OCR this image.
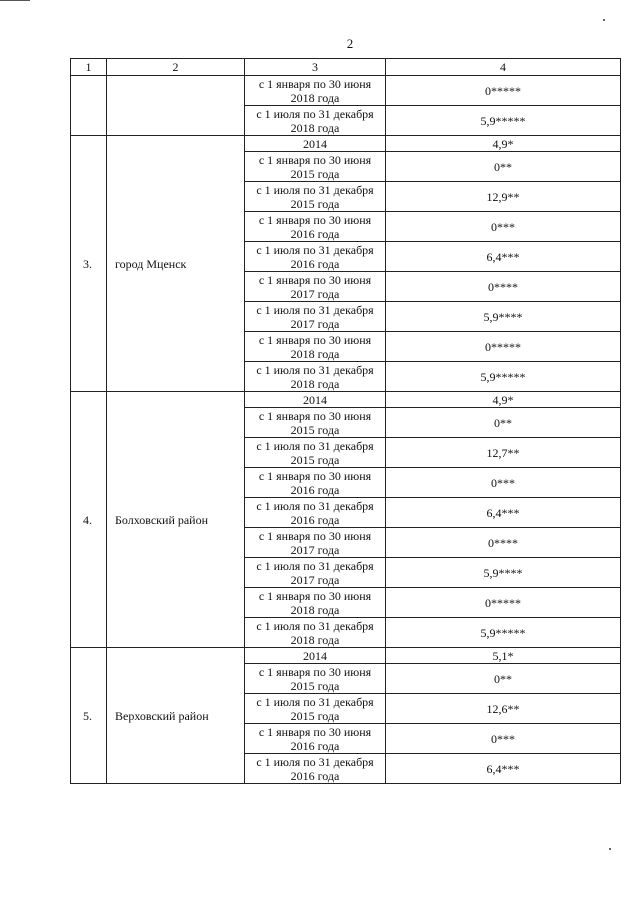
2
1	2	3	4
		с 1 января по 30 июня 2018 года	0*****
		с 1 июля по 31 декабря 2018 года	5,9*****
3.	город Мценск	2014	4,9*
		с 1 января по 30 июня 2015 года	0**
		с 1 июля по 31 декабря 2015 года	12,9**
		с 1 января по 30 июня 2016 года	0***
		с 1 июля по 31 декабря 2016 года	6,4***
		с 1 января по 30 июня 2017 года	0****
		с 1 июля по 31 декабря 2017 года	5,9****
		с 1 января по 30 июня 2018 года	0*****
		с 1 июля по 31 декабря 2018 года	5,9*****
4.	Болховский район	2014	4,9*
		с 1 января по 30 июня 2015 года	0**
		с 1 июля по 31 декабря 2015 года	12,7**
		с 1 января по 30 июня 2016 года	0***
		с 1 июля по 31 декабря 2016 года	6,4***
		с 1 января по 30 июня 2017 года	0****
		с 1 июля по 31 декабря 2017 года	5,9****
		с 1 января по 30 июня 2018 года	0*****
		с 1 июля по 31 декабря 2018 года	5,9*****
5.	Верховский район	2014	5,1*
		с 1 января по 30 июня 2015 года	0**
		с 1 июля по 31 декабря 2015 года	12,6**
		с 1 января по 30 июня 2016 года	0***
		с 1 июля по 31 декабря 2016 года	6,4***
